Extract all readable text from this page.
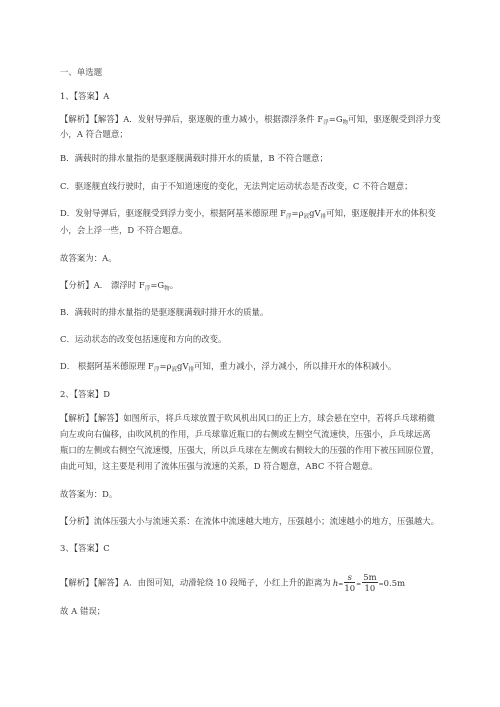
一、单选题
1、【答案】A
【解析】【解答】A．发射导弹后，驱逐舰的重力减小，根据漂浮条件 $F_浮=G_物$可知，驱逐舰受到浮力变
小，A 符合题意；
B．满载时的排水量指的是驱逐舰满载时排开水的质量，B 不符合题意；
C．驱逐舰直线行驶时，由于不知道速度的变化，无法判定运动状态是否改变，C 不符合题意；
D．发射导弹后，驱逐舰受到浮力变小，根据阿基米德原理 $F_浮=\rho_液gV_排$可知，驱逐舰排开水的体积变
小，会上浮一些，D 不符合题意。
故答案为：A。
【分析】A． 漂浮时 $F_浮=G_物$。
B．满载时的排水量指的是驱逐舰满载时排开水的质量。
C．运动状态的改变包括速度和方向的改变。
D． 根据阿基米德原理 $F_浮=\rho_液gV_排$可知，重力减小，浮力减小，所以排开水的体积减小。
2、【答案】D
【解析】【解答】如图所示，将乒乓球放置于吹风机出风口的正上方，球会悬在空中，若将乒乓球稍微
向左或向右偏移，由吹风机的作用，乒乓球靠近瓶口的右侧或左侧空气流速快，压强小，乒乓球远离
瓶口的左侧或右侧空气流速慢，压强大，所以乒乓球在左侧或右侧较大的压强的作用下被压回原位置，
由此可知，这主要是利用了流体压强与流速的关系，D 符合题意，ABC 不符合题意。
故答案为：D。
【分析】流体压强大小与流速关系：在流体中流速越大地方，压强越小；流速越小的地方，压强越大。
3、【答案】C
【解析】【解答】A．由图可知，动滑轮绕 10 段绳子，小红上升的距离为 $h= \frac{s}{10} = \frac{5m}{10} =0.5m$
故 A 错误；
